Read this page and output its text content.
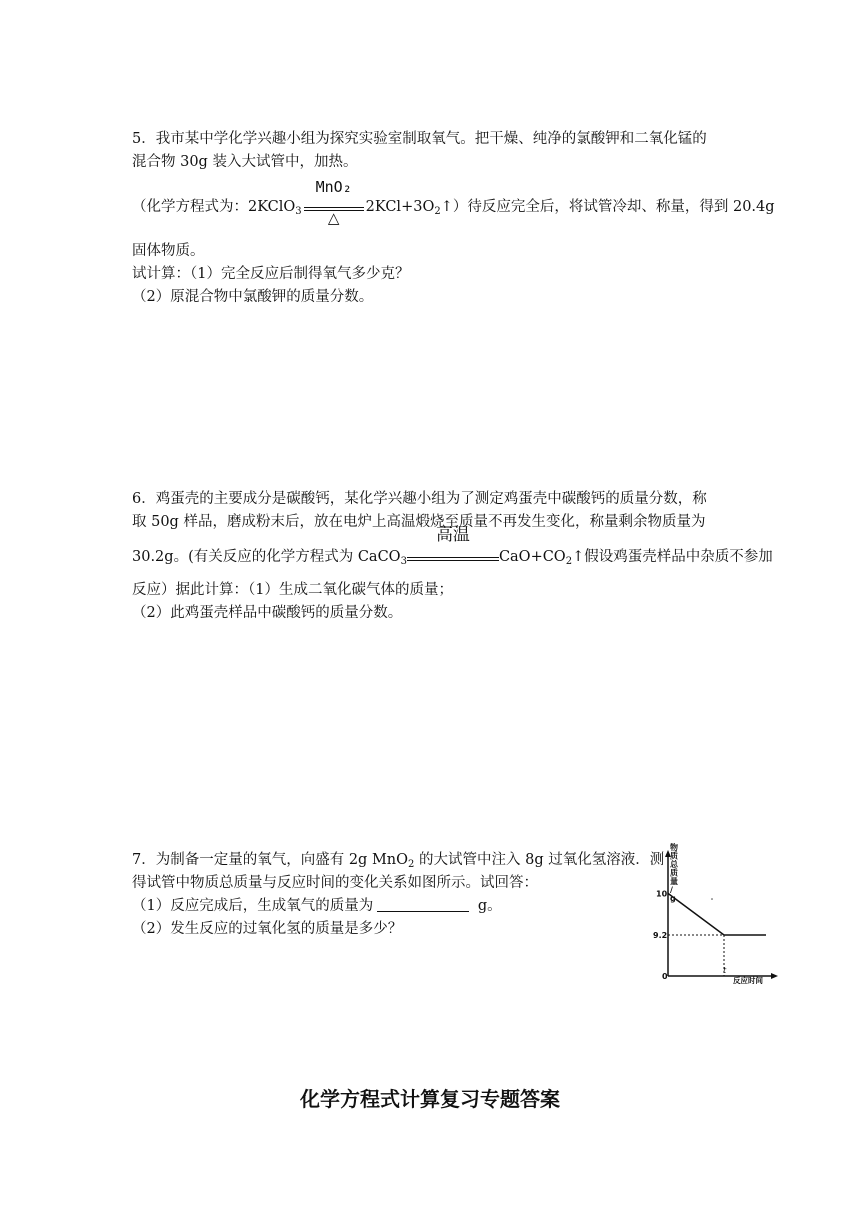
5．我市某中学化学兴趣小组为探究实验室制取氧气。把干燥、纯净的氯酸钾和二氧化锰的
混合物 30g 装入大试管中，加热。
（化学方程式为：2KClO$_3$
MnO₂
△
$2KCl+3O_2↑$）待反应完全后，将试管冷却、称量，得到 20.4g
固体物质。
试计算：（1）完全反应后制得氧气多少克？
（2）原混合物中氯酸钾的质量分数。
6．鸡蛋壳的主要成分是碳酸钙，某化学兴趣小组为了测定鸡蛋壳中碳酸钙的质量分数，称
取 50g 样品，磨成粉末后，放在电炉上高温煅烧至质量不再发生变化，称量剩余物质量为
30.2g。(有关反应的化学方程式为 CaCO$_3$
高温
$CaO+CO_2↑$假设鸡蛋壳样品中杂质不参加
反应）据此计算：（1）生成二氧化碳气体的质量；
（2）此鸡蛋壳样品中碳酸钙的质量分数。
7．为制备一定量的氧气，向盛有 2g MnO$_2$ 的大试管中注入 8g 过氧化氢溶液．测
得试管中物质总质量与反应时间的变化关系如图所示。试回答：
（1）反应完成后，生成氧气的质量为	g。
（2）发生反应的过氧化氢的质量是多少？
物质总质量/ g
反应时间
0
t
10
9.2
化学方程式计算复习专题答案
